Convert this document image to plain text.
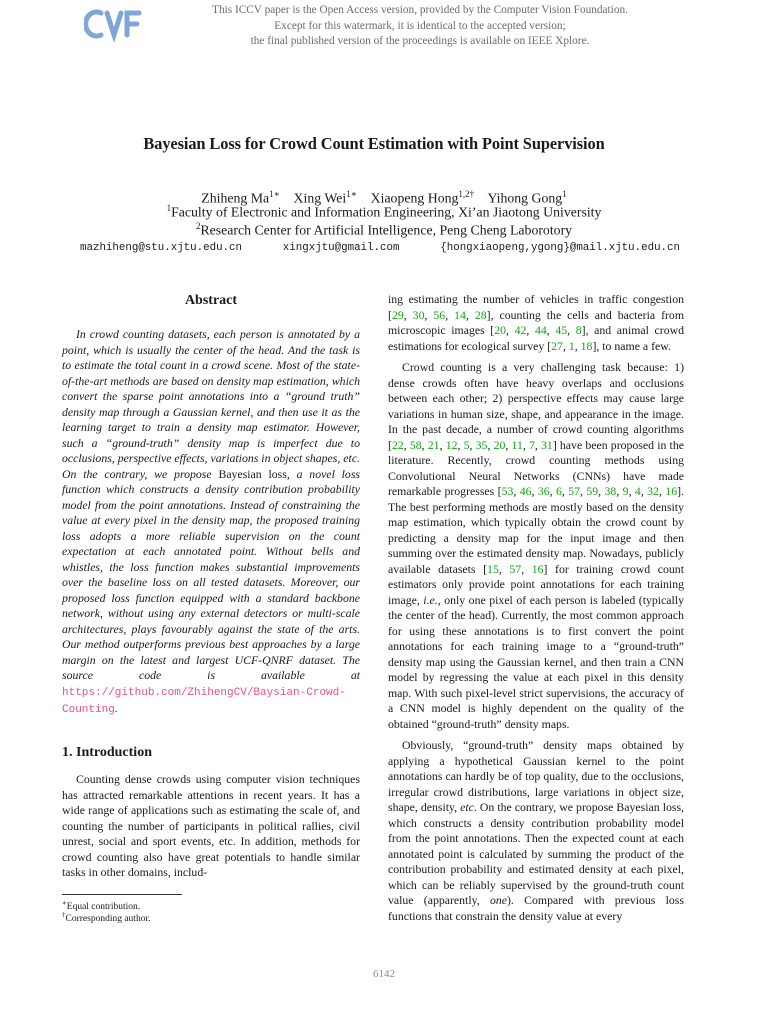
This ICCV paper is the Open Access version, provided by the Computer Vision Foundation.
Except for this watermark, it is identical to the accepted version;
the final published version of the proceedings is available on IEEE Xplore.
Bayesian Loss for Crowd Count Estimation with Point Supervision
Zhiheng $Ma^{1∗}$ Xing Wei$^{1∗}$ Xiaopeng Hong$^{1,2\dagger}$ Yihong Gong$^1$
$^1$Faculty of Electronic and Information Engineering, Xi’an Jiaotong University
$^2$Research Center for Artificial Intelligence, Peng Cheng Laborotory
mazhiheng@stu.xjtu.edu.cn	xingxjtu@gmail.com	{hongxiaopeng,ygong}@mail.xjtu.edu.cn
Abstract

In crowd counting datasets, each person is annotated by a point, which is usually the center of the head. And the task is to estimate the total count in a crowd scene. Most of the state-of-the-art methods are based on density map estimation, which convert the sparse point annotations into a “ground truth” density map through a Gaussian kernel, and then use it as the learning target to train a density map estimator. However, such a “ground-truth” density map is imperfect due to occlusions, perspective effects, variations in object shapes, etc. On the contrary, we propose Bayesian loss, a novel loss function which constructs a density contribution probability model from the point annotations. Instead of constraining the value at every pixel in the density map, the proposed training loss adopts a more reliable supervision on the count expectation at each annotated point. Without bells and whistles, the loss function makes substantial improvements over the baseline loss on all tested datasets. Moreover, our proposed loss function equipped with a standard backbone network, without using any external detectors or multi-scale architectures, plays favourably against the state of the arts. Our method outperforms previous best approaches by a large margin on the latest and largest UCF-QNRF dataset. The source code is available at https://github.com/ZhihengCV/Baysian-Crowd-Counting.

1. Introduction

Counting dense crowds using computer vision techniques has attracted remarkable attentions in recent years. It has a wide range of applications such as estimating the scale of, and counting the number of participants in political rallies, civil unrest, social and sport events, etc. In addition, methods for crowd counting also have great potentials to handle similar tasks in other domains, includ-

ing estimating the number of vehicles in traffic congestion [29, 30, 56, 14, 28], counting the cells and bacteria from microscopic images [20, 42, 44, 45, 8], and animal crowd estimations for ecological survey [27, 1, 18], to name a few.

Crowd counting is a very challenging task because: 1) dense crowds often have heavy overlaps and occlusions between each other; 2) perspective effects may cause large variations in human size, shape, and appearance in the image. In the past decade, a number of crowd counting algorithms [22, 58, 21, 12, 5, 35, 20, 11, 7, 31] have been proposed in the literature. Recently, crowd counting methods using Convolutional Neural Networks (CNNs) have made remarkable progresses [53, 46, 36, 6, 57, 59, 38, 9, 4, 32, 16]. The best performing methods are mostly based on the density map estimation, which typically obtain the crowd count by predicting a density map for the input image and then summing over the estimated density map. Nowadays, publicly available datasets [15, 57, 16] for training crowd count estimators only provide point annotations for each training image, i.e., only one pixel of each person is labeled (typically the center of the head). Currently, the most common approach for using these annotations is to first convert the point annotations for each training image to a “ground-truth” density map using the Gaussian kernel, and then train a CNN model by regressing the value at each pixel in this density map. With such pixel-level strict supervisions, the accuracy of a CNN model is highly dependent on the quality of the obtained “ground-truth” density maps.

Obviously, “ground-truth” density maps obtained by applying a hypothetical Gaussian kernel to the point annotations can hardly be of top quality, due to the occlusions, irregular crowd distributions, large variations in object size, shape, density, etc. On the contrary, we propose Bayesian loss, which constructs a density contribution probability model from the point annotations. Then the expected count at each annotated point is calculated by summing the product of the contribution probability and estimated density at each pixel, which can be reliably supervised by the ground-truth count value (apparently, one). Compared with previous loss functions that constrain the density value at every

∗Equal contribution.
†Corresponding author.
6142
